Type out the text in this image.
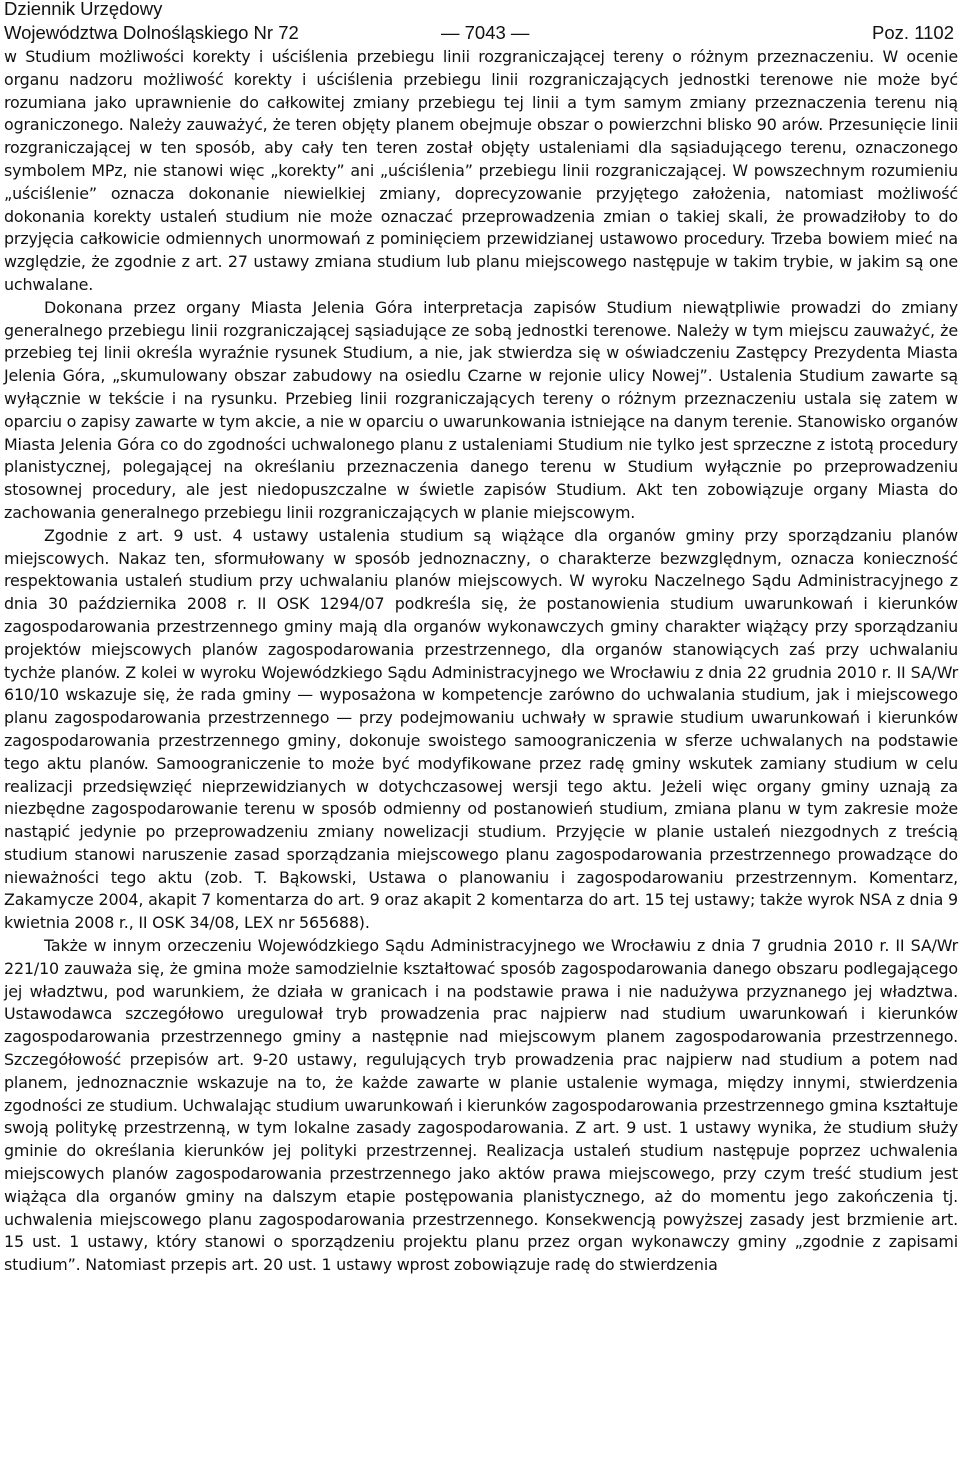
Dziennik Urzędowy
Województwa Dolnośląskiego Nr 72	— 7043 —	Poz. 1102

w Studium możliwości korekty i uściślenia przebiegu linii rozgraniczającej tereny o różnym przeznaczeniu. W ocenie organu nadzoru możliwość korekty i uściślenia przebiegu linii rozgraniczających jednostki terenowe nie może być rozumiana jako uprawnienie do całkowitej zmiany przebiegu tej linii a tym samym zmiany przeznaczenia terenu nią ograniczonego. Należy zauważyć, że teren objęty planem obejmuje obszar o powierzchni blisko 90 arów. Przesunięcie linii rozgraniczającej w ten sposób, aby cały ten teren został objęty ustaleniami dla sąsiadującego terenu, oznaczonego symbolem MPz, nie stanowi więc „korekty” ani „uściślenia” przebiegu linii rozgraniczającej. W powszechnym rozumieniu „uściślenie” oznacza dokonanie niewielkiej zmiany, doprecyzowanie przyjętego założenia, natomiast możliwość dokonania korekty ustaleń studium nie może oznaczać przeprowadzenia zmian o takiej skali, że prowadziłoby to do przyjęcia całkowicie odmiennych unormowań z pominięciem przewidzianej ustawowo procedury. Trzeba bowiem mieć na względzie, że zgodnie z art. 27 ustawy zmiana studium lub planu miejscowego następuje w takim trybie, w jakim są one uchwalane.

Dokonana przez organy Miasta Jelenia Góra interpretacja zapisów Studium niewątpliwie prowadzi do zmiany generalnego przebiegu linii rozgraniczającej sąsiadujące ze sobą jednostki terenowe. Należy w tym miejscu zauważyć, że przebieg tej linii określa wyraźnie rysunek Studium, a nie, jak stwierdza się w oświadczeniu Zastępcy Prezydenta Miasta Jelenia Góra, „skumulowany obszar zabudowy na osiedlu Czarne w rejonie ulicy Nowej”. Ustalenia Studium zawarte są wyłącznie w tekście i na rysunku. Przebieg linii rozgraniczających tereny o różnym przeznaczeniu ustala się zatem w oparciu o zapisy zawarte w tym akcie, a nie w oparciu o uwarunkowania istniejące na danym terenie. Stanowisko organów Miasta Jelenia Góra co do zgodności uchwalonego planu z ustaleniami Studium nie tylko jest sprzeczne z istotą procedury planistycznej, polegającej na określaniu przeznaczenia danego terenu w Studium wyłącznie po przeprowadzeniu stosownej procedury, ale jest niedopuszczalne w świetle zapisów Studium. Akt ten zobowiązuje organy Miasta do zachowania generalnego przebiegu linii rozgraniczających w planie miejscowym.

Zgodnie z art. 9 ust. 4 ustawy ustalenia studium są wiążące dla organów gminy przy sporządzaniu planów miejscowych. Nakaz ten, sformułowany w sposób jednoznaczny, o charakterze bezwzględnym, oznacza konieczność respektowania ustaleń studium przy uchwalaniu planów miejscowych. W wyroku Naczelnego Sądu Administracyjnego z dnia 30 października 2008 r. II OSK 1294/07 podkreśla się, że postanowienia studium uwarunkowań i kierunków zagospodarowania przestrzennego gminy mają dla organów wykonawczych gminy charakter wiążący przy sporządzaniu projektów miejscowych planów zagospodarowania przestrzennego, dla organów stanowiących zaś przy uchwalaniu tychże planów. Z kolei w wyroku Wojewódzkiego Sądu Administracyjnego we Wrocławiu z dnia 22 grudnia 2010 r. II SA/Wr 610/10 wskazuje się, że rada gminy — wyposażona w kompetencje zarówno do uchwalania studium, jak i miejscowego planu zagospodarowania przestrzennego — przy podejmowaniu uchwały w sprawie studium uwarunkowań i kierunków zagospodarowania przestrzennego gminy, dokonuje swoistego samoograniczenia w sferze uchwalanych na podstawie tego aktu planów. Samoograniczenie to może być modyfikowane przez radę gminy wskutek zamiany studium w celu realizacji przedsięwzięć nieprzewidzianych w dotychczasowej wersji tego aktu. Jeżeli więc organy gminy uznają za niezbędne zagospodarowanie terenu w sposób odmienny od postanowień studium, zmiana planu w tym zakresie może nastąpić jedynie po przeprowadzeniu zmiany nowelizacji studium. Przyjęcie w planie ustaleń niezgodnych z treścią studium stanowi naruszenie zasad sporządzania miejscowego planu zagospodarowania przestrzennego prowadzące do nieważności tego aktu (zob. T. Bąkowski, Ustawa o planowaniu i zagospodarowaniu przestrzennym. Komentarz, Zakamycze 2004, akapit 7 komentarza do art. 9 oraz akapit 2 komentarza do art. 15 tej ustawy; także wyrok NSA z dnia 9 kwietnia 2008 r., II OSK 34/08, LEX nr 565688).

Także w innym orzeczeniu Wojewódzkiego Sądu Administracyjnego we Wrocławiu z dnia 7 grudnia 2010 r. II SA/Wr 221/10 zauważa się, że gmina może samodzielnie kształtować sposób zagospodarowania danego obszaru podlegającego jej władztwu, pod warunkiem, że działa w granicach i na podstawie prawa i nie nadużywa przyznanego jej władztwa. Ustawodawca szczegółowo uregulował tryb prowadzenia prac najpierw nad studium uwarunkowań i kierunków zagospodarowania przestrzennego gminy a następnie nad miejscowym planem zagospodarowania przestrzennego. Szczegółowość przepisów art. 9-20 ustawy, regulujących tryb prowadzenia prac najpierw nad studium a potem nad planem, jednoznacznie wskazuje na to, że każde zawarte w planie ustalenie wymaga, między innymi, stwierdzenia zgodności ze studium. Uchwalając studium uwarunkowań i kierunków zagospodarowania przestrzennego gmina kształtuje swoją politykę przestrzenną, w tym lokalne zasady zagospodarowania. Z art. 9 ust. 1 ustawy wynika, że studium służy gminie do określania kierunków jej polityki przestrzennej. Realizacja ustaleń studium następuje poprzez uchwalenia miejscowych planów zagospodarowania przestrzennego jako aktów prawa miejscowego, przy czym treść studium jest wiążąca dla organów gminy na dalszym etapie postępowania planistycznego, aż do momentu jego zakończenia tj. uchwalenia miejscowego planu zagospodarowania przestrzennego. Konsekwencją powyższej zasady jest brzmienie art. 15 ust. 1 ustawy, który stanowi o sporządzeniu projektu planu przez organ wykonawczy gminy „zgodnie z zapisami studium”. Natomiast przepis art. 20 ust. 1 ustawy wprost zobowiązuje radę do stwierdzenia
